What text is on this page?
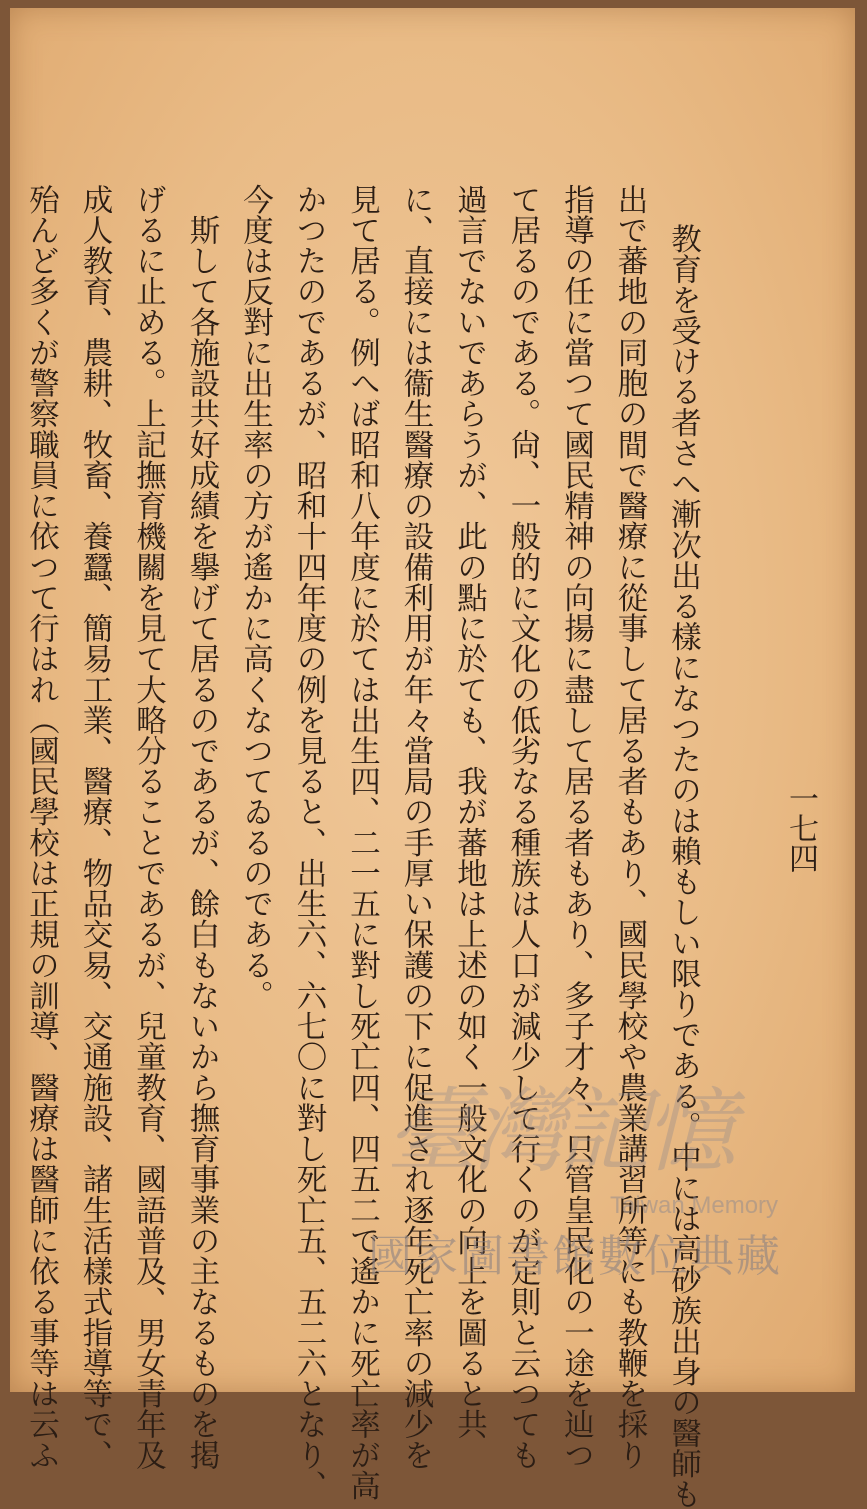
一七四

教育を受ける者さへ漸次出る樣になつたのは賴もしい限りである。中には高砂族出身の醫師も
出で蕃地の同胞の間で醫療に從事して居る者もあり、國民學校や農業講習所等にも教鞭を採り
指導の任に當つて國民精神の向揚に盡して居る者もあり、多子才々、只管皇民化の一途を辿つ
て居るのである。尙、一般的に文化の低劣なる種族は人口が減少して行くのが定則と云つても
過言でないであらうが、此の點に於ても、我が蕃地は上述の如く一般文化の向上を圖ると共
に、直接には衞生醫療の設備利用が年々當局の手厚い保護の下に促進され逐年死亡率の減少を
見て居る。例へば昭和八年度に於ては出生四、二一五に對し死亡四、四五二で遙かに死亡率が高
かつたのであるが、昭和十四年度の例を見ると、出生六、六七〇に對し死亡五、五二六となり、
今度は反對に出生率の方が遙かに高くなつてゐるのである。
　斯して各施設共好成績を擧げて居るのであるが、餘白もないから撫育事業の主なるものを掲
げるに止める。上記撫育機關を見て大略分ることであるが、兒童教育、國語普及、男女青年及
成人教育、農耕、牧畜、養蠶、簡易工業、醫療、物品交易、交通施設、諸生活樣式指導等で、
殆んど多くが警察職員に依つて行はれ（國民學校は正規の訓導、醫療は醫師に依る事等は云ふ
	臺灣記憶
Taiwan Memory
國家圖書館數位典藏
